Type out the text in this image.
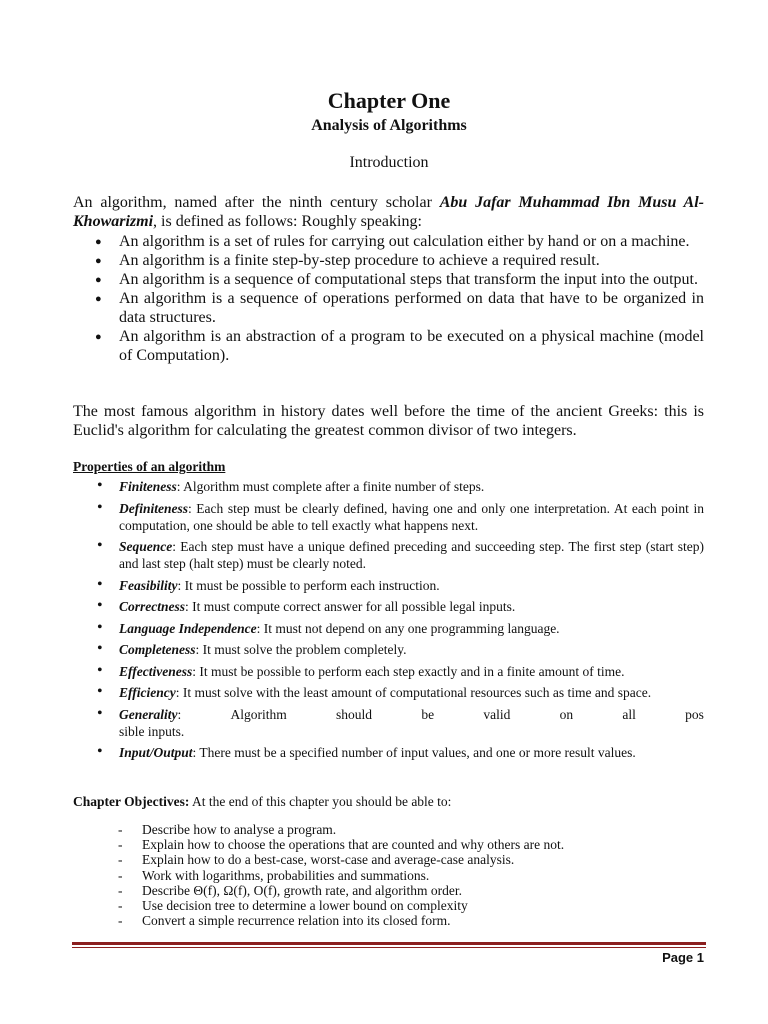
Chapter One
Analysis of Algorithms
Introduction
An algorithm, named after the ninth century scholar Abu Jafar Muhammad Ibn Musu Al-Khowarizmi, is defined as follows: Roughly speaking:
● An algorithm is a set of rules for carrying out calculation either by hand or on a machine.
● An algorithm is a finite step-by-step procedure to achieve a required result.
● An algorithm is a sequence of computational steps that transform the input into the output.
● An algorithm is a sequence of operations performed on data that have to be organized in data structures.
● An algorithm is an abstraction of a program to be executed on a physical machine (model of Computation).
The most famous algorithm in history dates well before the time of the ancient Greeks: this is Euclid's algorithm for calculating the greatest common divisor of two integers.
Properties of an algorithm
• Finiteness: Algorithm must complete after a finite number of steps.
• Definiteness: Each step must be clearly defined, having one and only one interpretation. At each point in computation, one should be able to tell exactly what happens next.
• Sequence: Each step must have a unique defined preceding and succeeding step. The first step (start step) and last step (halt step) must be clearly noted.
• Feasibility: It must be possible to perform each instruction.
• Correctness: It must compute correct answer for all possible legal inputs.
• Language Independence: It must not depend on any one programming language.
• Completeness: It must solve the problem completely.
• Effectiveness: It must be possible to perform each step exactly and in a finite amount of time.
• Efficiency: It must solve with the least amount of computational resources such as time and space.
• Generality:	Algorithm	should	be	valid	on	all	pos
sible inputs.
• Input/Output: There must be a specified number of input values, and one or more result values.
Chapter Objectives: At the end of this chapter you should be able to:
- Describe how to analyse a program.
- Explain how to choose the operations that are counted and why others are not.
- Explain how to do a best-case, worst-case and average-case analysis.
- Work with logarithms, probabilities and summations.
- Describe Θ(f), Ω(f), O(f), growth rate, and algorithm order.
- Use decision tree to determine a lower bound on complexity
- Convert a simple recurrence relation into its closed form.
Page 1
